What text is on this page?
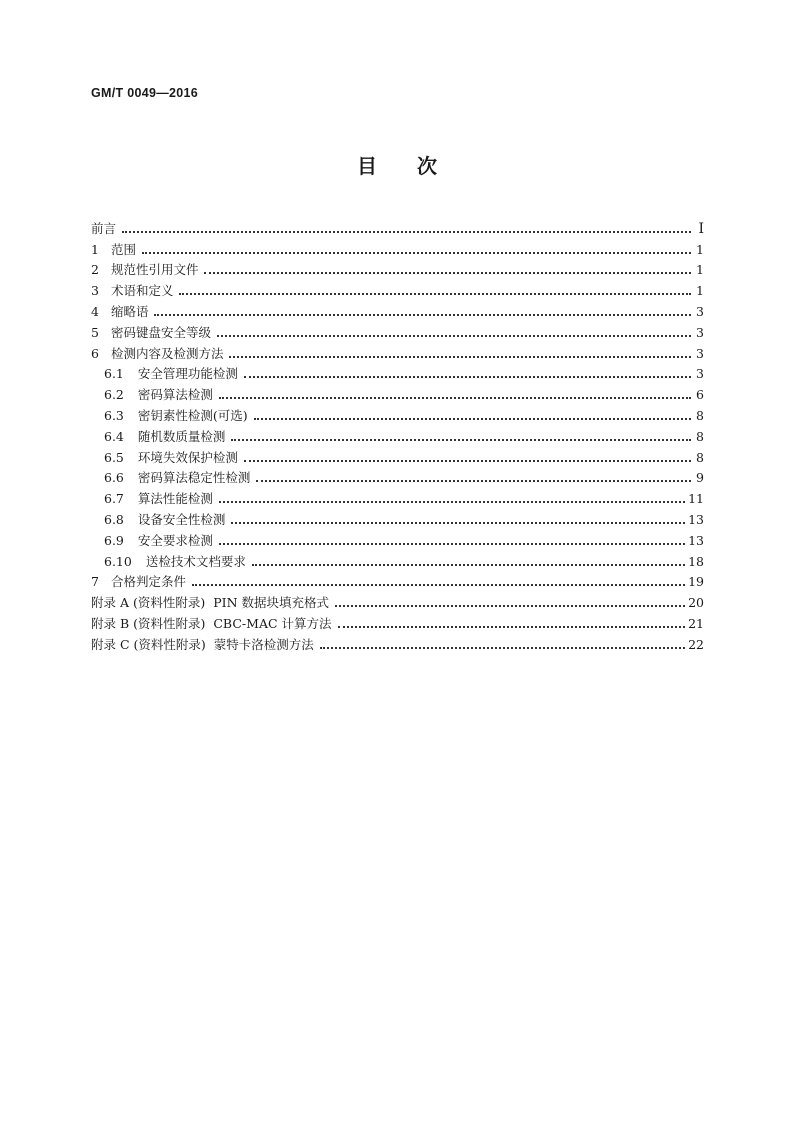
GM/T 0049—2016
目 次
前言	Ⅰ
1 范围	1
2 规范性引用文件	1
3 术语和定义	1
4 缩略语	3
5 密码键盘安全等级	3
6 检测内容及检测方法	3
6.1 安全管理功能检测	3
6.2 密码算法检测	6
6.3 密钥素性检测(可选)	8
6.4 随机数质量检测	8
6.5 环境失效保护检测	8
6.6 密码算法稳定性检测	9
6.7 算法性能检测	11
6.8 设备安全性检测	13
6.9 安全要求检测	13
6.10 送检技术文档要求	18
7 合格判定条件	19
附录 A (资料性附录)  PIN 数据块填充格式	20
附录 B (资料性附录)  CBC-MAC 计算方法	21
附录 C (资料性附录)  蒙特卡洛检测方法	22
